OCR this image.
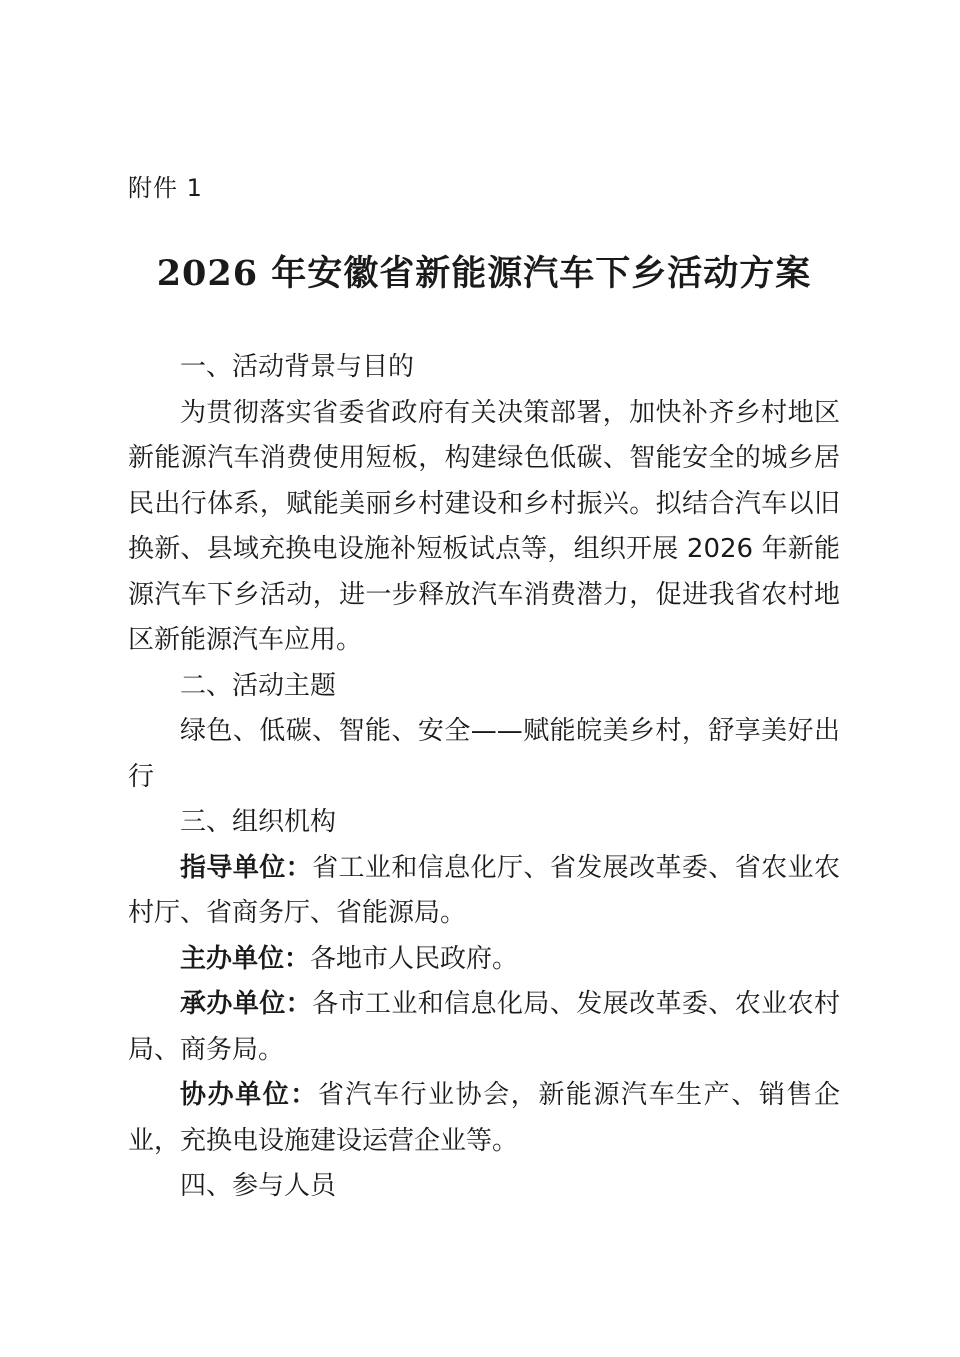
附件 1
2026 年安徽省新能源汽车下乡活动方案

一、活动背景与目的

为贯彻落实省委省政府有关决策部署，加快补齐乡村地区新能源汽车消费使用短板，构建绿色低碳、智能安全的城乡居民出行体系，赋能美丽乡村建设和乡村振兴。拟结合汽车以旧换新、县域充换电设施补短板试点等，组织开展 2026 年新能源汽车下乡活动，进一步释放汽车消费潜力，促进我省农村地区新能源汽车应用。

二、活动主题

绿色、低碳、智能、安全——赋能皖美乡村，舒享美好出行

三、组织机构

指导单位：省工业和信息化厅、省发展改革委、省农业农村厅、省商务厅、省能源局。

主办单位：各地市人民政府。

承办单位：各市工业和信息化局、发展改革委、农业农村局、商务局。

协办单位：省汽车行业协会，新能源汽车生产、销售企业，充换电设施建设运营企业等。

四、参与人员
